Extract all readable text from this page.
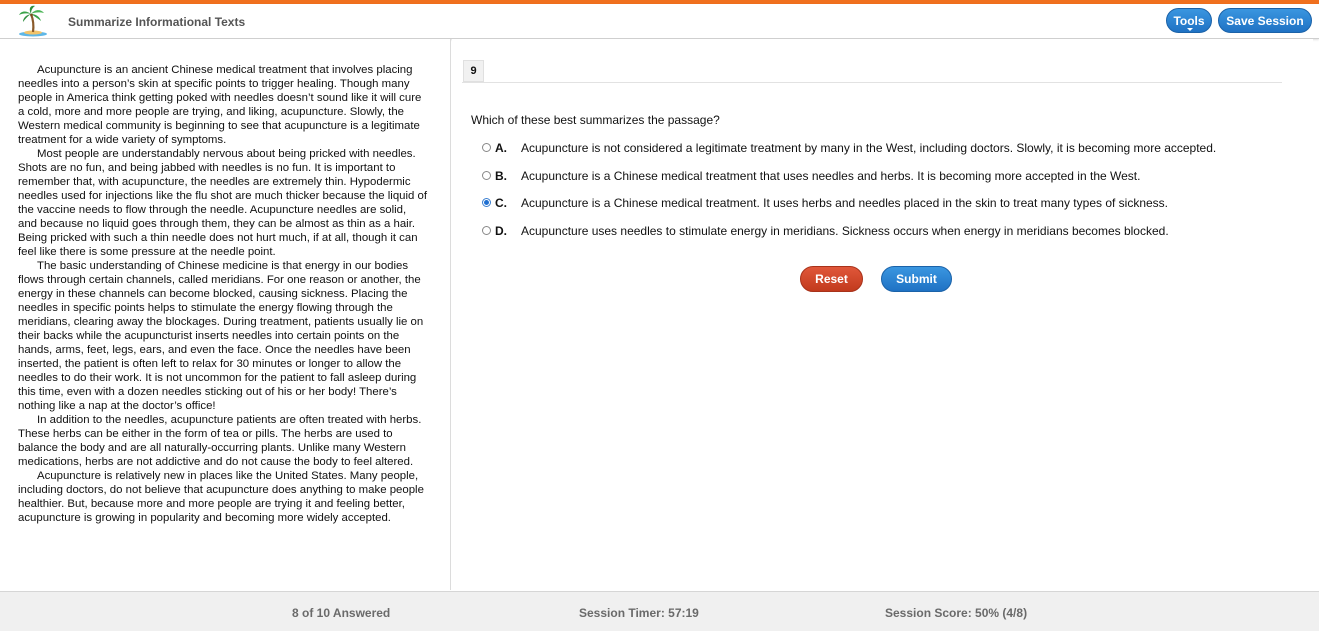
Summarize Informational Texts	Tools	Save Session

Acupuncture is an ancient Chinese medical treatment that involves placing needles into a person’s skin at specific points to trigger healing. Though many people in America think getting poked with needles doesn’t sound like it will cure a cold, more and more people are trying, and liking, acupuncture. Slowly, the Western medical community is beginning to see that acupuncture is a legitimate treatment for a wide variety of symptoms.

Most people are understandably nervous about being pricked with needles. Shots are no fun, and being jabbed with needles is no fun. It is important to remember that, with acupuncture, the needles are extremely thin. Hypodermic needles used for injections like the flu shot are much thicker because the liquid of the vaccine needs to flow through the needle. Acupuncture needles are solid, and because no liquid goes through them, they can be almost as thin as a hair. Being pricked with such a thin needle does not hurt much, if at all, though it can feel like there is some pressure at the needle point.

The basic understanding of Chinese medicine is that energy in our bodies flows through certain channels, called meridians. For one reason or another, the energy in these channels can become blocked, causing sickness. Placing the needles in specific points helps to stimulate the energy flowing through the meridians, clearing away the blockages. During treatment, patients usually lie on their backs while the acupuncturist inserts needles into certain points on the hands, arms, feet, legs, ears, and even the face. Once the needles have been inserted, the patient is often left to relax for 30 minutes or longer to allow the needles to do their work. It is not uncommon for the patient to fall asleep during this time, even with a dozen needles sticking out of his or her body! There’s nothing like a nap at the doctor’s office!

In addition to the needles, acupuncture patients are often treated with herbs. These herbs can be either in the form of tea or pills. The herbs are used to balance the body and are all naturally-occurring plants. Unlike many Western medications, herbs are not addictive and do not cause the body to feel altered.

Acupuncture is relatively new in places like the United States. Many people, including doctors, do not believe that acupuncture does anything to make people healthier. But, because more and more people are trying it and feeling better, acupuncture is growing in popularity and becoming more widely accepted.

9
Which of these best summarizes the passage?
A. Acupuncture is not considered a legitimate treatment by many in the West, including doctors. Slowly, it is becoming more accepted.
B. Acupuncture is a Chinese medical treatment that uses needles and herbs. It is becoming more accepted in the West.
C. Acupuncture is a Chinese medical treatment. It uses herbs and needles placed in the skin to treat many types of sickness.
D. Acupuncture uses needles to stimulate energy in meridians. Sickness occurs when energy in meridians becomes blocked.
Reset	Submit
8 of 10 Answered	Session Timer: 57:19	Session Score: 50% (4/8)
